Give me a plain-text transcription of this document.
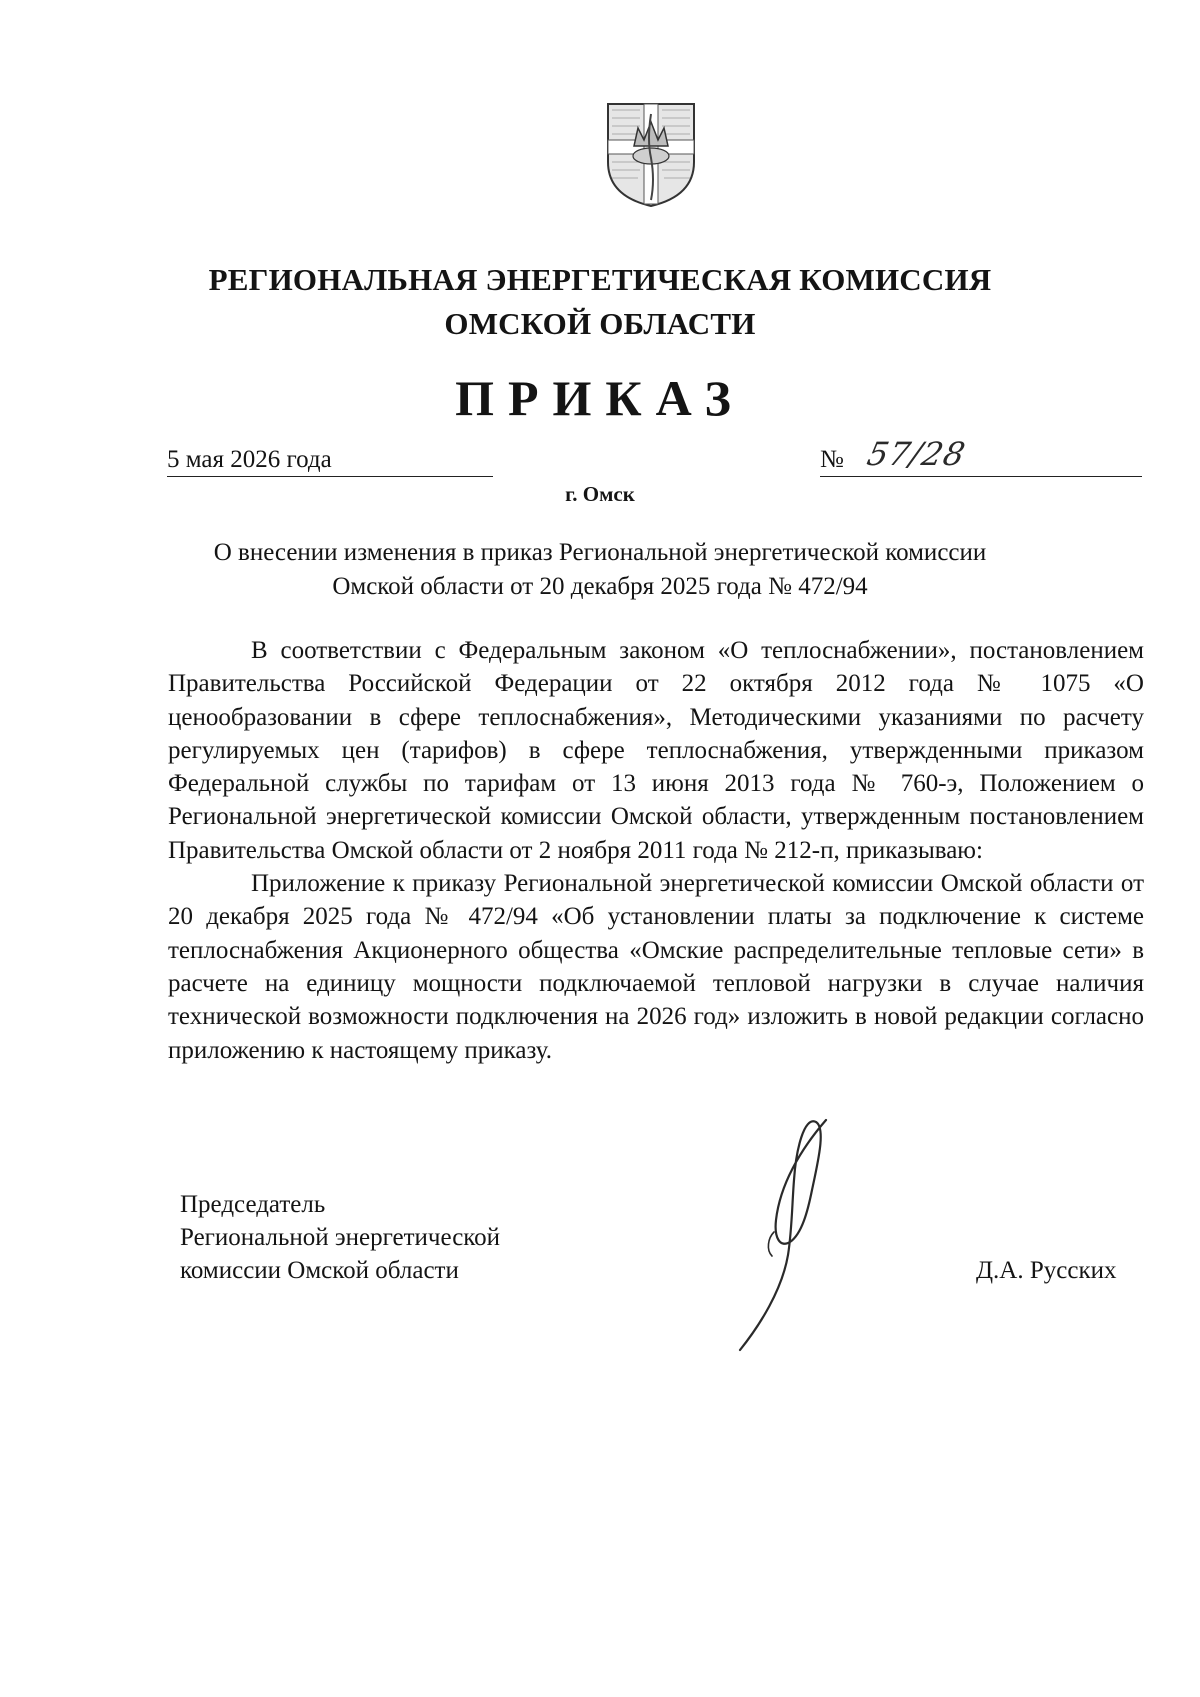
РЕГИОНАЛЬНАЯ ЭНЕРГЕТИЧЕСКАЯ КОМИССИЯ
ОМСКОЙ ОБЛАСТИ
ПРИКАЗ
5 мая 2026 года	№ 57/28
г. Омск
О внесении изменения в приказ Региональной энергетической комиссии
Омской области от 20 декабря 2025 года № 472/94

В соответствии с Федеральным законом «О теплоснабжении», постановлением Правительства Российской Федерации от 22 октября 2012 года № 1075 «О ценообразовании в сфере теплоснабжения», Методическими указаниями по расчету регулируемых цен (тарифов) в сфере теплоснабжения, утвержденными приказом Федеральной службы по тарифам от 13 июня 2013 года № 760-э, Положением о Региональной энергетической комиссии Омской области, утвержденным постановлением Правительства Омской области от 2 ноября 2011 года № 212-п, приказываю:

Приложение к приказу Региональной энергетической комиссии Омской области от 20 декабря 2025 года № 472/94 «Об установлении платы за подключение к системе теплоснабжения Акционерного общества «Омские распределительные тепловые сети» в расчете на единицу мощности подключаемой тепловой нагрузки в случае наличия технической возможности подключения на 2026 год» изложить в новой редакции согласно приложению к настоящему приказу.

Председатель
Региональной энергетической
комиссии Омской области	Д.А. Русских
